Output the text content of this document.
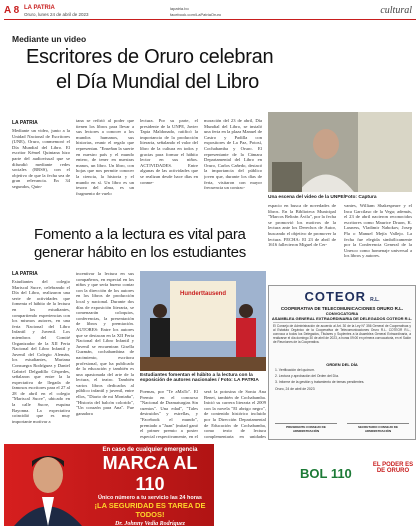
A 8 LA PATRIA
Oruro, lunes 24 de abril de 2023
lapatria.bo
facebook.com/LaPatriaOruro	cultural
Mediante un video
Escritores de Oruro celebran
el Día Mundial del Libro
LA PATRIA
Mediante un video, junto a la Unidad Nacional de Escritores (UNE), Oruro, conmemoró el Día Mundial del Libro. El escritor Kémel Quintana hizo parte del audiovisual que se difundió mediante redes sociales (RRSS), con el objetivo de que la fecha sea de gran relevancia. En 34 segundos, Quin-
tana se refirió al poder que tienen los libros para llevar a sus lectores a conocer a los mundos humanos, sus historias, reunir el regalo que representan. "Enseñan la suerte en nuestro país y el mundo entero, de tener en nuestras manos, un libro. Un libro, con hojas que nos permite conocer la ciencia, la historia y el mundo en sí. Un libro es un tesoro del alma, es un fragmento de vuelo
lectura. Por su parte, el presidente de la UNPE, Javier Tapia Maldonado, ratificó la importancia de la producción literaria, señalando el valor del libro de la cultura en todos y gracias para formar el hábito lector en sus niños. ACTIVIDADES. Entre algunas de las actividades que se realizan desde hace días en conme-
moración del 23 de abril, Día Mundial del Libro, se instaló una feria en la plaza Manuel de Castro y Padilla con expositores de La Paz, Potosí, Cochabamba y Oruro. El representante de la Cámara Departamental del Libro en Oruro, Carlos Cañedo, destacó la importancia del público joven que, durante los días de feria, visitaron con mayor frecuencia un contrac-
Una escena del video de la UNPE/Foto: Captura
espacio en busca de novedades de libros. En la Biblioteca Municipal "Marcos Beltrán Ávila", por la fecha se promovió los motivos de la lectura ante los Derechos de Autor, buscando el objetivo de promover la lectura. FECHA: El 23 de abril de 1616 fallecieron Miguel de Cer-
vantes, William Shakespeare y el Inca Garcilaso de la Vega; además, el 23 de abril nacieron reconocidos escritores como Maurice Druon, K. Laxness, Vladimir Nabokov, Josep Pla o Manuel Mejía Vallejo. La fecha fue elegida simbólicamente por la Conferencia General de la Unesco como homenaje universal a los libros y autores.
Fomento a la lectura es vital para
generar hábito en los estudiantes
LA PATRIA
Estudiantes del colegio Mariscal Sucre, celebrando el Día del Libro, realizaron una serie de actividades que fomenta el hábito de la lectura en los estudiantes, compartiendo experiencias con los mismos autores, en una feria Nacional del Libro Infantil y Juvenil. Los miembros del Comité Organizador de la XII Feria Nacional del Libro Infantil y Juvenil del Colegio Alemán, los estudiantes, Mariana Consuegra Rodríguez y Daniel Gabriel Delgadillo Céspedes, señalaron que entre la la expectativa de llegada de famosos escritores para el 27 al 28 de abril en el colegio "Mariscal Sucre", ubicado en la calle Sucre, esquina Bayonna. La expectativa coincidió que es muy importante motivar a
incentivar la lectura en sus compañeros, en especial en los niños y que sería bueno contar con la dirección de los autores en los libros de producción local y nacional. Durante dos días de exposición literaria, se comenzarán coloquios, conferencias, la presentación de libros y premiación. AUTORES: Entre los autores que se destacan en la XII Feria Nacional del Libro Infantil y Juvenil se encuentran Gisella Guzmán, cochabambina de nacimiento, escritora profesional, que ha publicado de la educación y también es una apasionada del arte de la lectura, el teatro. También varios libros dedicados al público infantil y juvenil, entre ellos, "Diario de mi Montaña", "Historia del balcón colorido", "Un corazón para Ana". Fue ganadora
Hunderttausend
Estudiantes fomentan el hábito a la lectura con la exposición de autores nacionales / Foto: LA PATRIA
Poemas, por "Te aMaTo". El Premio en el concurso "Nacional de Dramaturgias Sin cuentos". Una edad", "Tales destruidos" y estrellas, y "Facebook el mundo", premiado a "Juan" (mitad ganó el primer premio a poster especial respectivamente, en el
será la potosina de Sonia Ana Benet, también de Cochabamba. Inició su carrera literaria el 2009 con la novela "El abrigo negro", de contenido histórico incluido por la Dirección Departamental de Educación de Cochabamba, como texto de lectura complementaria en unidades
COTEOR R.L.
COOPERATIVA DE TELECOMUNICACIONES ORURO R.L.
CONVOCATORIA
ASAMBLEA GENERAL EXTRAORDINARIA DE DELEGADOS COTEOR R.L.
El Consejo de Administración de acuerdo al Art. 30 de la Ley N° 356 General de Cooperativas y al Estatuto Orgánico de la Cooperativa de Telecomunicaciones Oruro R.L. COTEOR R.L., convoca a todos los Delegados, Titulares y Suplentes a la Asamblea General Extraordinaria, a realizarse el día domingo 30 de abril de 2023, a horas 09:00 en primera convocatoria, en el Salón de Reuniones de la Cooperativa.
ORDEN DEL DÍA
1. Verificación del quórum.
2. Lectura y aprobación del Orden del Día.
3. Informe de la gestión y tratamiento de temas pendientes.
Oruro, 24 de abril de 2023
PRESIDENTE CONSEJO DE ADMINISTRACIÓN
SECRETARIO CONSEJO DE ADMINISTRACIÓN
En caso de cualquier emergencia
MARCA AL 110
Único número a tu servicio las 24 horas
¡LA SEGURIDAD ES TAREA DE TODOS!
Dr. Johnny Vedia Rodríguez
BOL 110
EL PODER ES DE ORURO
